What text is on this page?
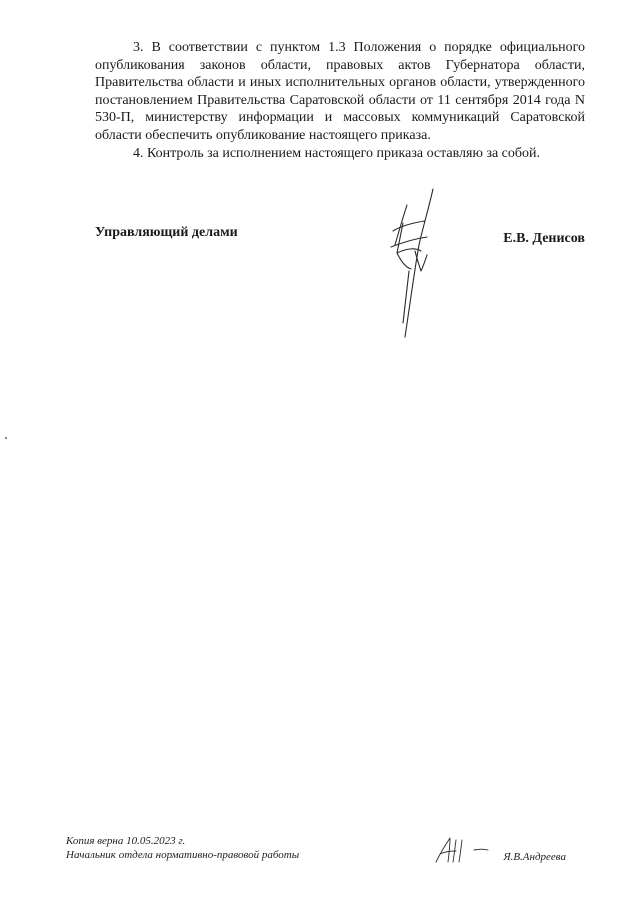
3. В соответствии с пунктом 1.3 Положения о порядке официального опубликования законов области, правовых актов Губернатора области, Правительства области и иных исполнительных органов области, утвержденного постановлением Правительства Саратовской области от 11 сентября 2014 года N 530-П, министерству информации и массовых коммуникаций Саратовской области обеспечить опубликование настоящего приказа.

4. Контроль за исполнением настоящего приказа оставляю за собой.

Управляющий делами	Е.В. Денисов
Копия верна 10.05.2023 г.
Начальник отдела нормативно-правовой работы	Я.В.Андреева
